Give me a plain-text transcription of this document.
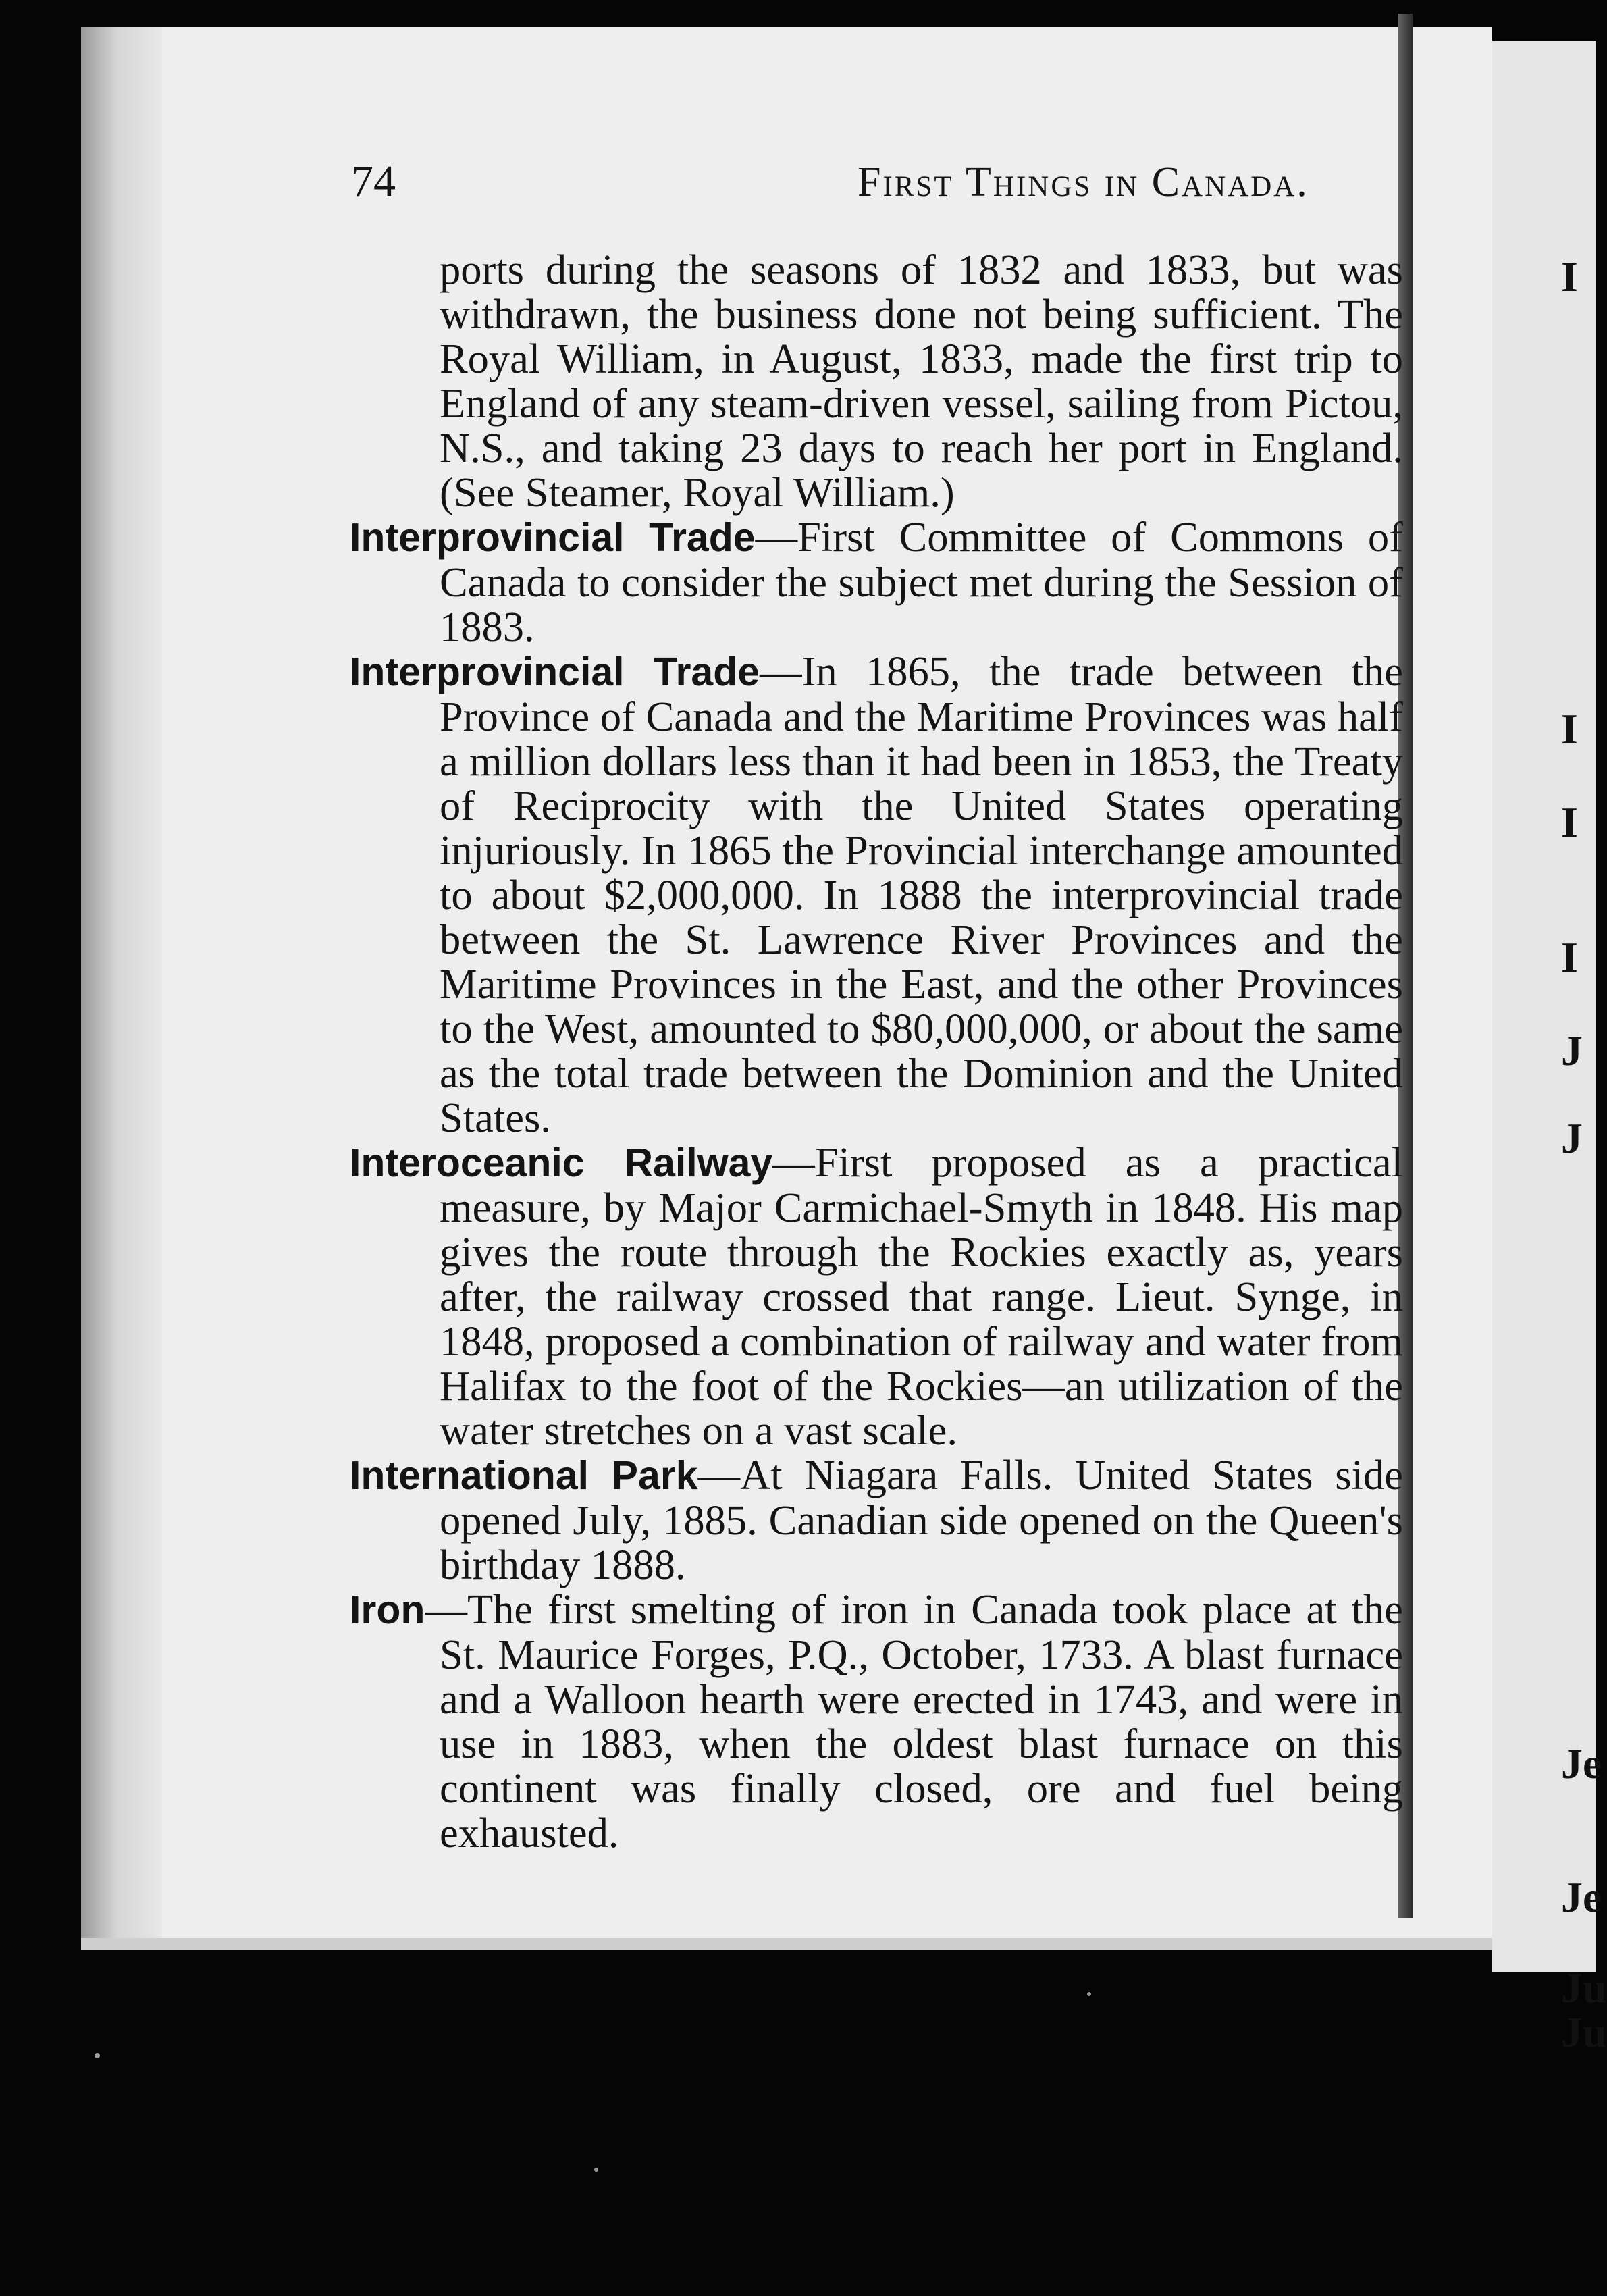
I
I
I
I
J
J
Je
Je
Ju
Ju
74	First Things in Canada.

ports during the seasons of 1832 and 1833, but was withdrawn, the business done not being sufficient. The Royal William, in August, 1833, made the first trip to England of any steam-driven vessel, sailing from Pictou, N.S., and taking 23 days to reach her port in England. (See Steamer, Royal William.)

Interprovincial Trade—First Committee of Commons of Canada to consider the subject met during the Session of 1883.

Interprovincial Trade—In 1865, the trade between the Province of Canada and the Maritime Provinces was half a million dollars less than it had been in 1853, the Treaty of Reciprocity with the United States operating injuriously. In 1865 the Provincial interchange amounted to about $2,000,000. In 1888 the interprovincial trade between the St. Lawrence River Provinces and the Maritime Provinces in the East, and the other Provinces to the West, amounted to $80,000,000, or about the same as the total trade between the Dominion and the United States.

Interoceanic Railway—First proposed as a practical measure, by Major Carmichael-Smyth in 1848. His map gives the route through the Rockies exactly as, years after, the railway crossed that range. Lieut. Synge, in 1848, proposed a combination of railway and water from Halifax to the foot of the Rockies—an utilization of the water stretches on a vast scale.

International Park—At Niagara Falls. United States side opened July, 1885. Canadian side opened on the Queen's birthday 1888.

Iron—The first smelting of iron in Canada took place at the St. Maurice Forges, P.Q., October, 1733. A blast furnace and a Walloon hearth were erected in 1743, and were in use in 1883, when the oldest blast furnace on this continent was finally closed, ore and fuel being exhausted.
